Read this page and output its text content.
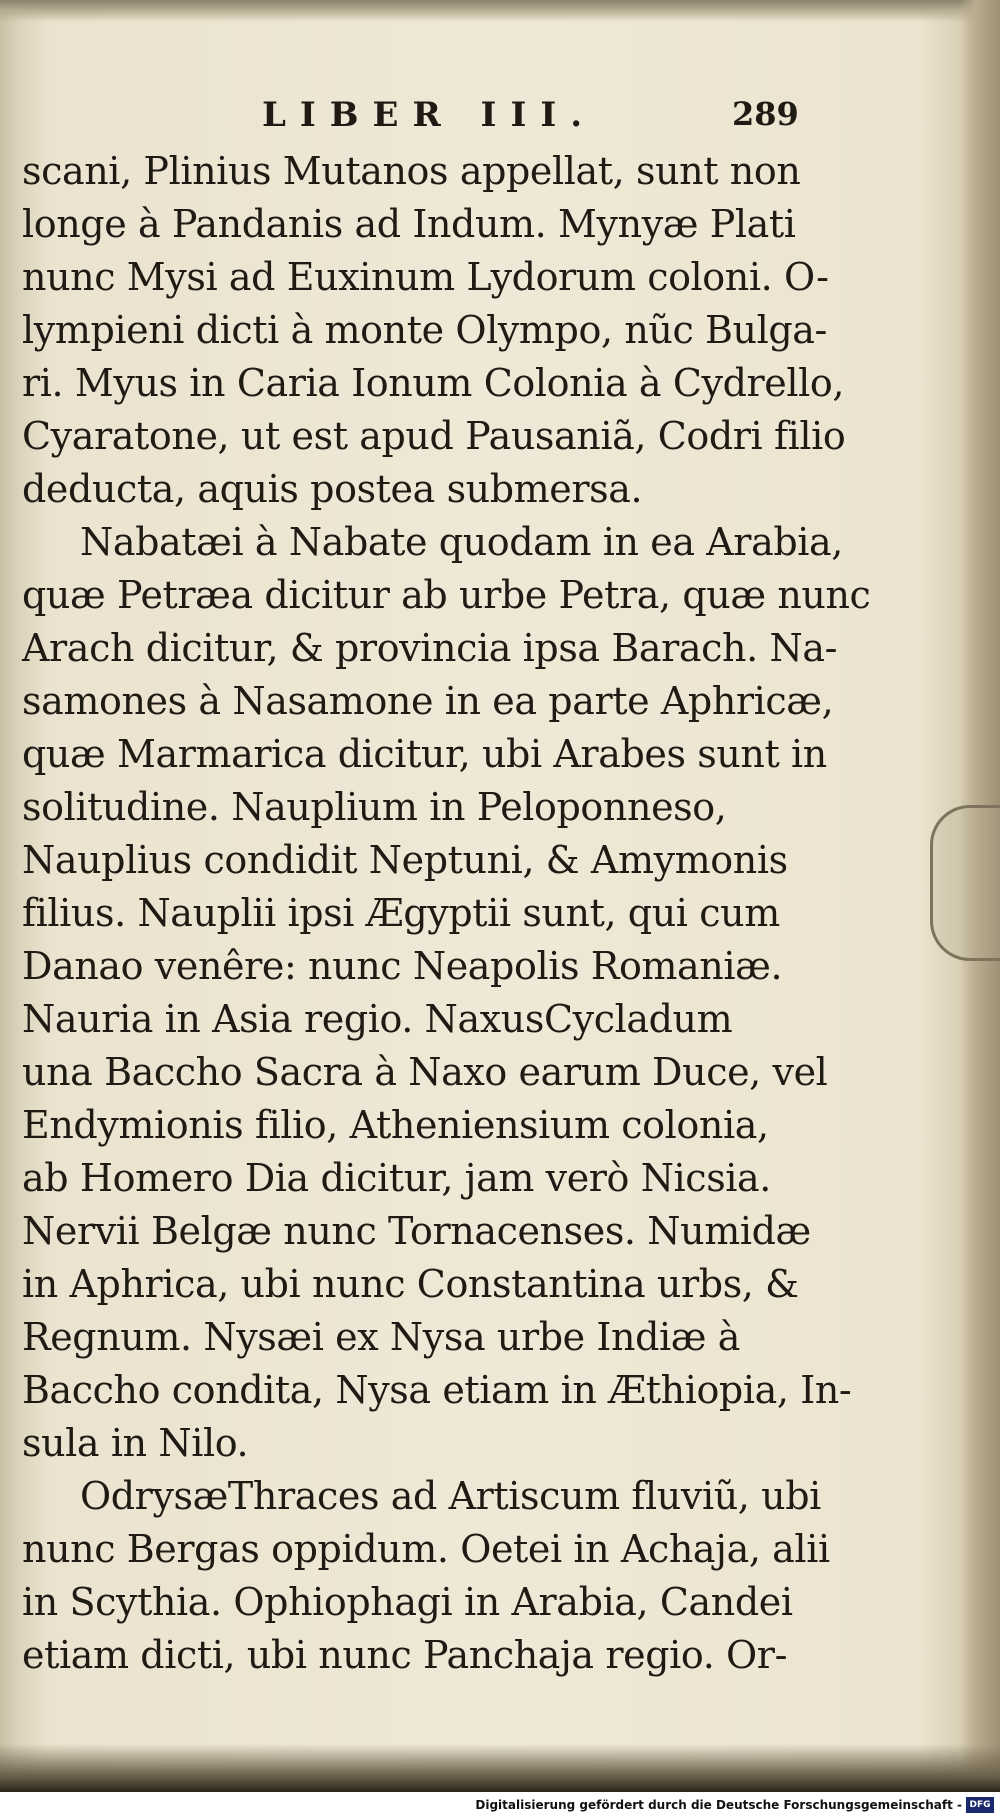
LIBER III.	289
scani, Plinius Mutanos appellat, sunt non
longe à Pandanis ad Indum. Mynyæ Plati
nunc Mysi ad Euxinum Lydorum coloni. O-
lympieni dicti à monte Olympo, nũc Bulga-
ri. Myus in Caria Ionum Colonia à Cydrello,
Cyaratone, ut est apud Pausaniã, Codri filio
deducta, aquis postea submersa.
Nabatæi à Nabate quodam in ea Arabia,
quæ Petræa dicitur ab urbe Petra, quæ nunc
Arach dicitur, & provincia ipsa Barach. Na-
samones à Nasamone in ea parte Aphricæ,
quæ Marmarica dicitur, ubi Arabes sunt in
solitudine. Nauplium in Peloponneso,
Nauplius condidit Neptuni, & Amymonis
filius. Nauplii ipsi Ægyptii sunt, qui cum
Danao venêre: nunc Neapolis Romaniæ.
Nauria in Asia regio. NaxusCycladum
una Baccho Sacra à Naxo earum Duce, vel
Endymionis filio, Atheniensium colonia,
ab Homero Dia dicitur, jam verò Nicsia.
Nervii Belgæ nunc Tornacenses. Numidæ
in Aphrica, ubi nunc Constantina urbs, &
Regnum. Nysæi ex Nysa urbe Indiæ à
Baccho condita, Nysa etiam in Æthiopia, In-
sula in Nilo.
OdrysæThraces ad Artiscum fluviũ, ubi
nunc Bergas oppidum. Oetei in Achaja, alii
in Scythia. Ophiophagi in Arabia, Candei
etiam dicti, ubi nunc Panchaja regio. Or-
Digitalisierung gefördert durch die Deutsche Forschungsgemeinschaft - DFG
